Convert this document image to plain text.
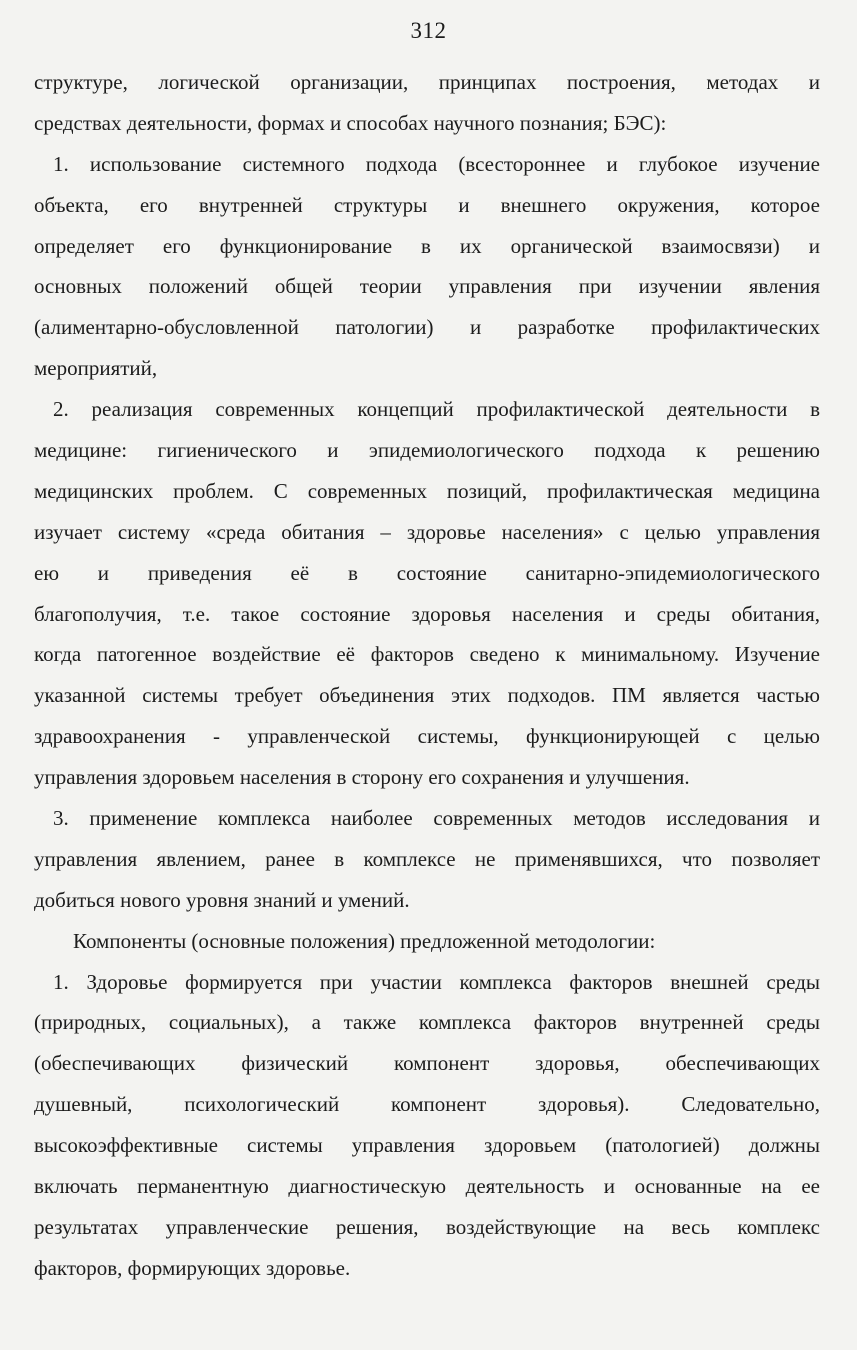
312
структуре, логической организации, принципах построения, методах и
средствах деятельности, формах и способах научного познания; БЭС):
1. использование системного подхода (всестороннее и глубокое изучение
объекта, его внутренней структуры и внешнего окружения, которое
определяет его функционирование в их органической взаимосвязи) и
основных положений общей теории управления при изучении явления
(алиментарно-обусловленной патологии) и разработке профилактических
мероприятий,
2. реализация современных концепций профилактической деятельности в
медицине: гигиенического и эпидемиологического подхода к решению
медицинских проблем. С современных позиций, профилактическая медицина
изучает систему «среда обитания – здоровье населения» с целью управления
ею и приведения её в состояние санитарно-эпидемиологического
благополучия, т.е. такое состояние здоровья населения и среды обитания,
когда патогенное воздействие её факторов сведено к минимальному. Изучение
указанной системы требует объединения этих подходов. ПМ является частью
здравоохранения - управленческой системы, функционирующей с целью
управления здоровьем населения в сторону его сохранения и улучшения.
3. применение комплекса наиболее современных методов исследования и
управления явлением, ранее в комплексе не применявшихся, что позволяет
добиться нового уровня знаний и умений.
Компоненты (основные положения) предложенной методологии:
1. Здоровье формируется при участии комплекса факторов внешней среды
(природных, социальных), а также комплекса факторов внутренней среды
(обеспечивающих физический компонент здоровья, обеспечивающих
душевный, психологический компонент здоровья). Следовательно,
высокоэффективные системы управления здоровьем (патологией) должны
включать перманентную диагностическую деятельность и основанные на ее
результатах управленческие решения, воздействующие на весь комплекс
факторов, формирующих здоровье.
